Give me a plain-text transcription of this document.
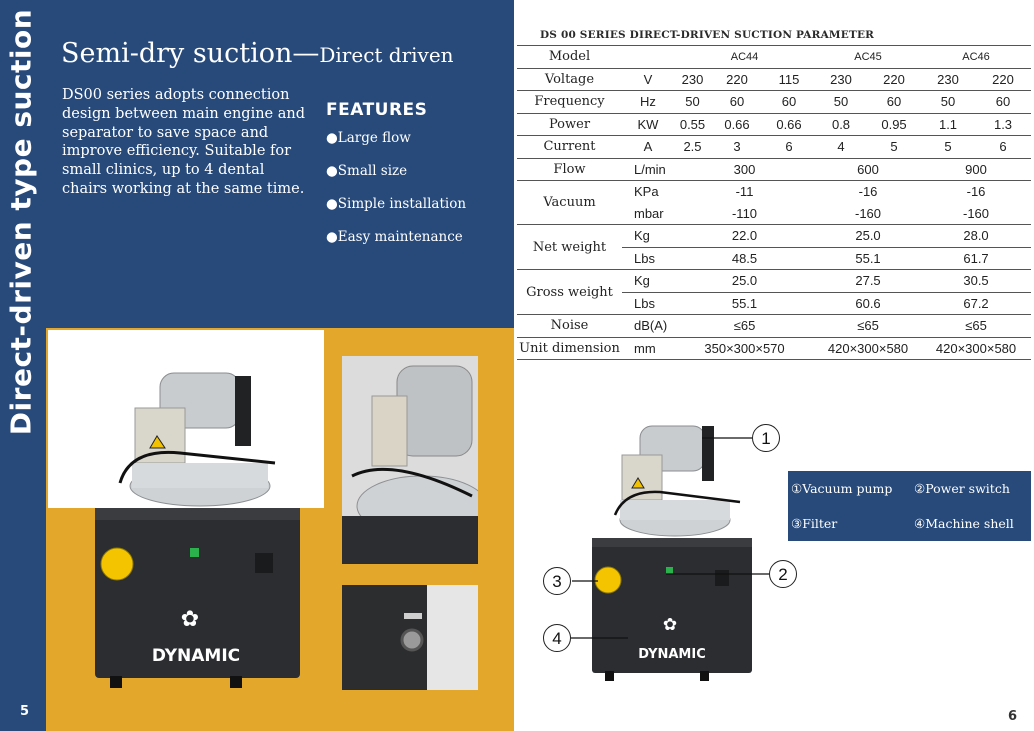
Direct-driven type suction Semi-dry suction—Direct driven

DS00 series adopts connection design between main engine and separator to save space and improve efficiency. Suitable for small clinics, up to 4 dental chairs working at the same time.

FEATURES
●Large flow
●Small size
●Simple installation
●Easy maintenance
✿
DYNAMIC
5
DS 00 SERIES DIRECT-DRIVEN SUCTION PARAMETER
Model		AC44			AC45		AC46	
Voltage	V	230	220	115	230	220	230	220
Frequency	Hz	50	60	60	50	60	50	60
Power	KW	0.55	0.66	0.66	0.8	0.95	1.1	1.3
Current	A	2.5	3	6	4	5	5	6
Flow	L/min	300			600		900	
Vacuum	KPa	-11			-16		-16	
	mbar	-110			-160		-160	
Net weight	Kg	22.0			25.0		28.0	
	Lbs	48.5			55.1		61.7	
Gross weight	Kg	25.0			27.5		30.5	
	Lbs	55.1			60.6		67.2	
Noise	dB(A)	≤65			≤65		≤65	
Unit dimension	mm	350×300×570			420×300×580		420×300×580	
✿
DYNAMIC
1
2
3
4
①Vacuum pump ②Power switch
③Filter	④Machine shell
6
